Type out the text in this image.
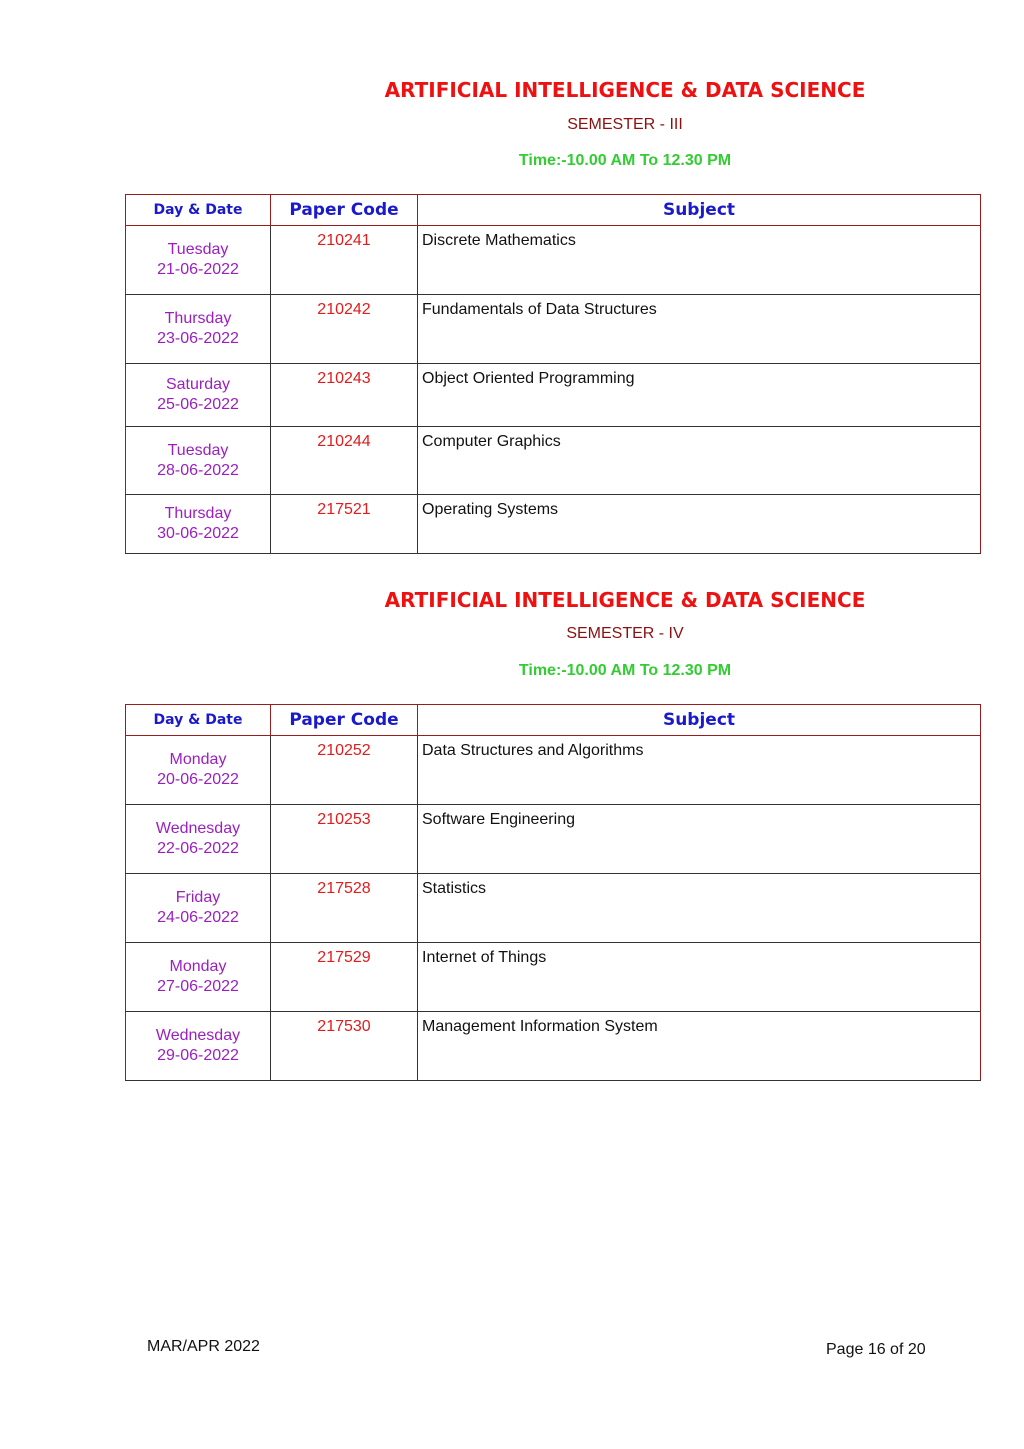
ARTIFICIAL INTELLIGENCE & DATA SCIENCE
SEMESTER - III
Time:-10.00 AM To 12.30 PM
Day & Date	Paper Code	Subject
Tuesday
21-06-2022	210241	Discrete Mathematics
Thursday
23-06-2022	210242	Fundamentals of Data Structures
Saturday
25-06-2022	210243	Object Oriented Programming
Tuesday
28-06-2022	210244	Computer Graphics
Thursday
30-06-2022	217521	Operating Systems
ARTIFICIAL INTELLIGENCE & DATA SCIENCE
SEMESTER - IV
Time:-10.00 AM To 12.30 PM
Day & Date	Paper Code	Subject
Monday
20-06-2022	210252	Data Structures and Algorithms
Wednesday
22-06-2022	210253	Software Engineering
Friday
24-06-2022	217528	Statistics
Monday
27-06-2022	217529	Internet of Things
Wednesday
29-06-2022	217530	Management Information System
MAR/APR 2022	Page 16 of 20
